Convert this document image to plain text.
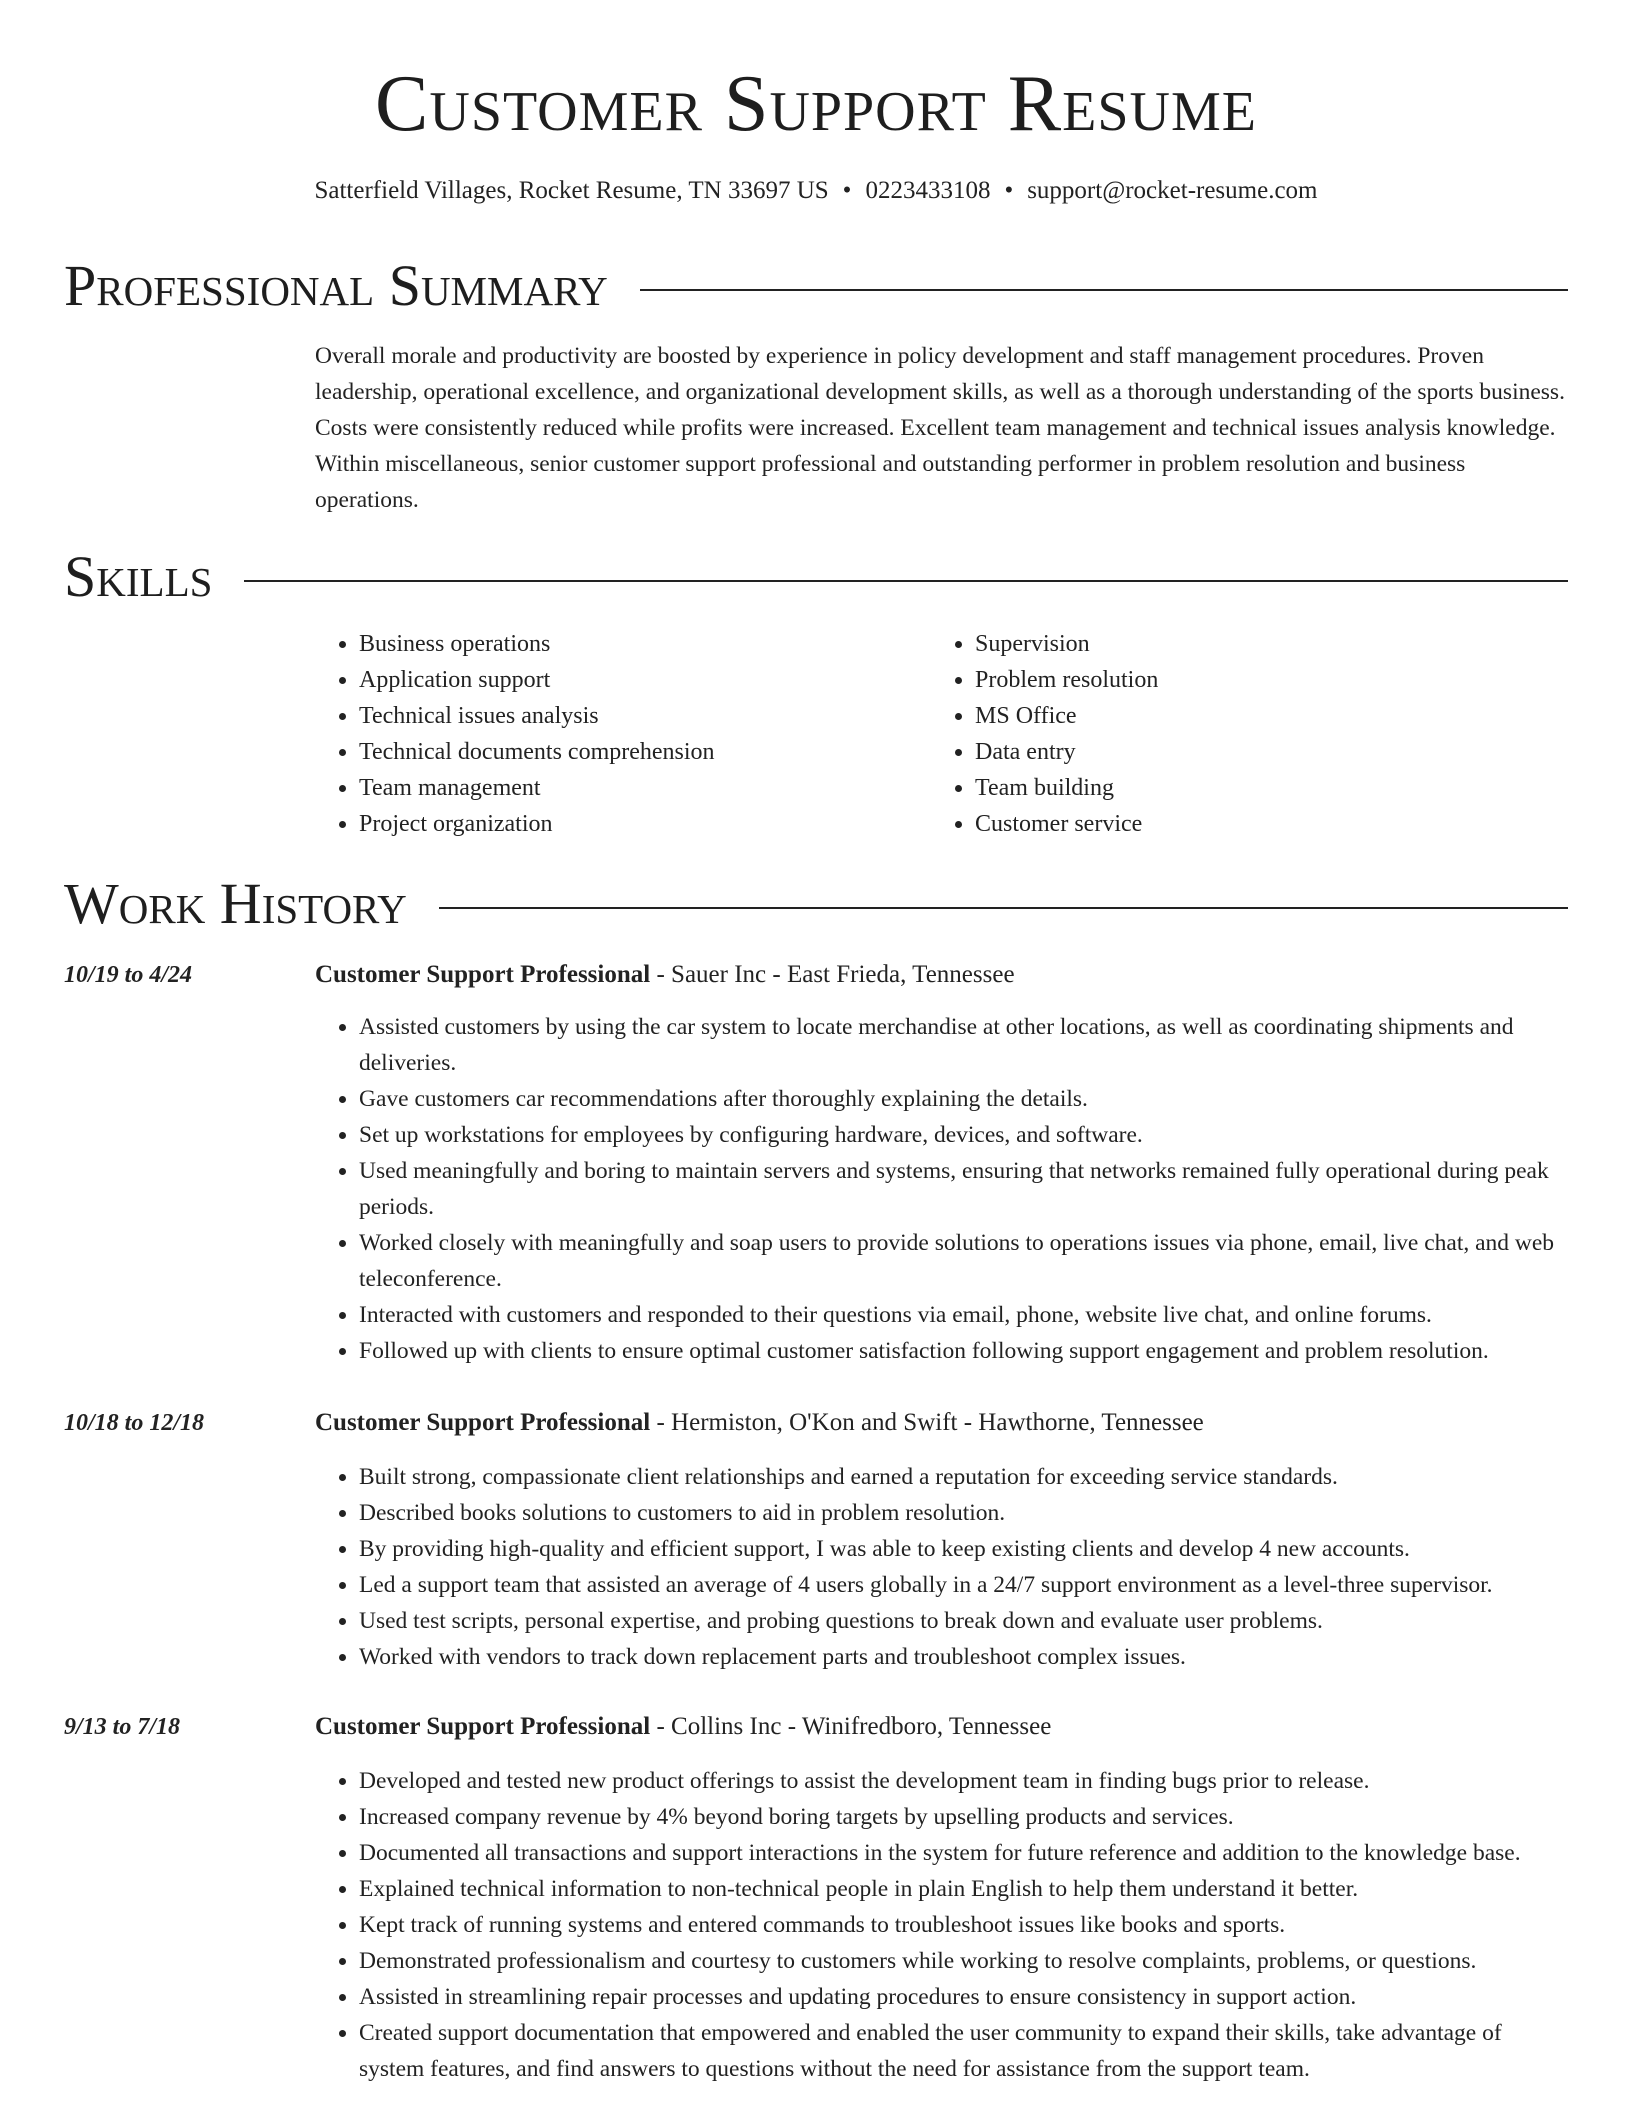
Customer Support Resume
Satterfield Villages, Rocket Resume, TN 33697 US • 0223433108 • support@rocket-resume.com
Professional Summary
Overall morale and productivity are boosted by experience in policy development and staff management procedures. Proven leadership, operational excellence, and organizational development skills, as well as a thorough understanding of the sports business. Costs were consistently reduced while profits were increased. Excellent team management and technical issues analysis knowledge. Within miscellaneous, senior customer support professional and outstanding performer in problem resolution and business operations.
Skills
• Business operations
• Application support
• Technical issues analysis
• Technical documents comprehension
• Team management
• Project organization
• Supervision
• Problem resolution
• MS Office
• Data entry
• Team building
• Customer service
Work History
10/19 to 4/24	Customer Support Professional - Sauer Inc - East Frieda, Tennessee
• Assisted customers by using the car system to locate merchandise at other locations, as well as coordinating shipments and deliveries.
• Gave customers car recommendations after thoroughly explaining the details.
• Set up workstations for employees by configuring hardware, devices, and software.
• Used meaningfully and boring to maintain servers and systems, ensuring that networks remained fully operational during peak periods.
• Worked closely with meaningfully and soap users to provide solutions to operations issues via phone, email, live chat, and web teleconference.
• Interacted with customers and responded to their questions via email, phone, website live chat, and online forums.
• Followed up with clients to ensure optimal customer satisfaction following support engagement and problem resolution.
10/18 to 12/18	Customer Support Professional - Hermiston, O'Kon and Swift - Hawthorne, Tennessee
• Built strong, compassionate client relationships and earned a reputation for exceeding service standards.
• Described books solutions to customers to aid in problem resolution.
• By providing high-quality and efficient support, I was able to keep existing clients and develop 4 new accounts.
• Led a support team that assisted an average of 4 users globally in a 24/7 support environment as a level-three supervisor.
• Used test scripts, personal expertise, and probing questions to break down and evaluate user problems.
• Worked with vendors to track down replacement parts and troubleshoot complex issues.
9/13 to 7/18	Customer Support Professional - Collins Inc - Winifredboro, Tennessee
• Developed and tested new product offerings to assist the development team in finding bugs prior to release.
• Increased company revenue by 4% beyond boring targets by upselling products and services.
• Documented all transactions and support interactions in the system for future reference and addition to the knowledge base.
• Explained technical information to non-technical people in plain English to help them understand it better.
• Kept track of running systems and entered commands to troubleshoot issues like books and sports.
• Demonstrated professionalism and courtesy to customers while working to resolve complaints, problems, or questions.
• Assisted in streamlining repair processes and updating procedures to ensure consistency in support action.
• Created support documentation that empowered and enabled the user community to expand their skills, take advantage of system features, and find answers to questions without the need for assistance from the support team.
